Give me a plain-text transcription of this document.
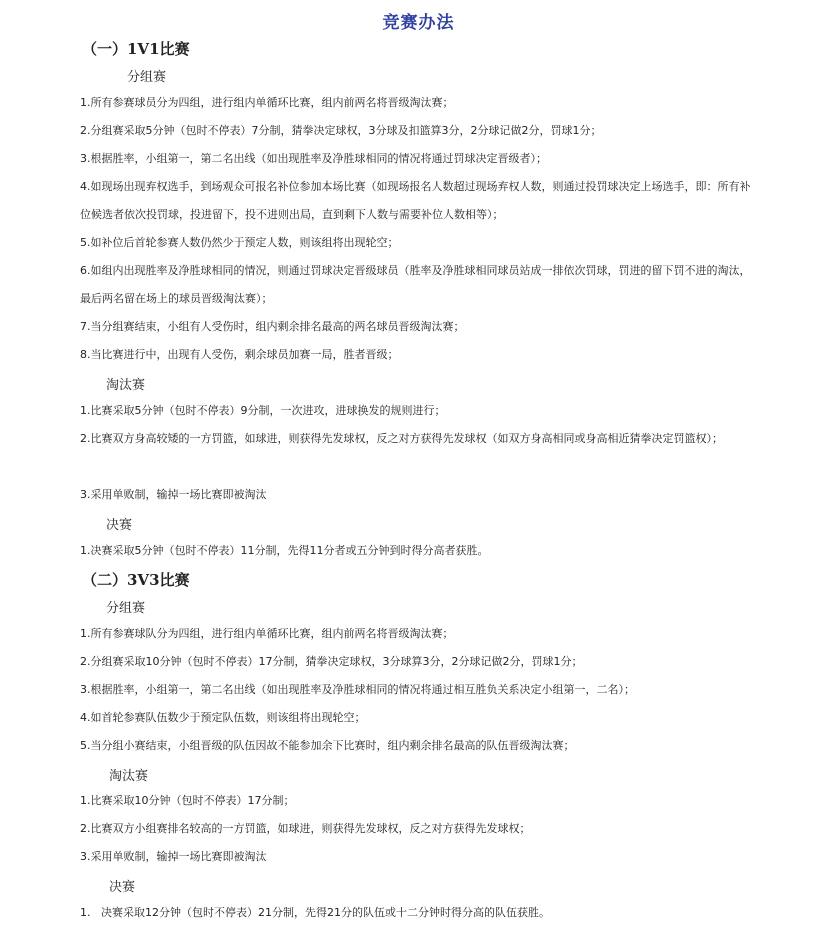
竞赛办法
（一）1V1比赛
分组赛
1.所有参赛球员分为四组，进行组内单循环比赛，组内前两名将晋级淘汰赛；
2.分组赛采取5分钟（包时不停表）7分制，猜拳决定球权，3分球及扣篮算3分，2分球记做2分，罚球1分；
3.根据胜率，小组第一，第二名出线（如出现胜率及净胜球相同的情况将通过罚球决定晋级者）；
4.如现场出现弃权选手，到场观众可报名补位参加本场比赛（如现场报名人数超过现场弃权人数，则通过投罚球决定上场选手，即：所有补位候选者依次投罚球，投进留下，投不进则出局，直到剩下人数与需要补位人数相等）；
5.如补位后首轮参赛人数仍然少于预定人数，则该组将出现轮空；
6.如组内出现胜率及净胜球相同的情况，则通过罚球决定晋级球员（胜率及净胜球相同球员站成一排依次罚球，罚进的留下罚不进的淘汰，最后两名留在场上的球员晋级淘汰赛）；
7.当分组赛结束，小组有人受伤时，组内剩余排名最高的两名球员晋级淘汰赛；
8.当比赛进行中，出现有人受伤，剩余球员加赛一局，胜者晋级；
淘汰赛
1.比赛采取5分钟（包时不停表）9分制，一次进攻，进球换发的规则进行；
2.比赛双方身高较矮的一方罚篮，如球进，则获得先发球权，反之对方获得先发球权（如双方身高相同或身高相近猜拳决定罚篮权）；
3.采用单败制，输掉一场比赛即被淘汰
决赛
1.决赛采取5分钟（包时不停表）11分制，先得11分者或五分钟到时得分高者获胜。
（二）3V3比赛
分组赛
1.所有参赛球队分为四组，进行组内单循环比赛，组内前两名将晋级淘汰赛；
2.分组赛采取10分钟（包时不停表）17分制，猜拳决定球权，3分球算3分，2分球记做2分，罚球1分；
3.根据胜率，小组第一，第二名出线（如出现胜率及净胜球相同的情况将通过相互胜负关系决定小组第一，二名）；
4.如首轮参赛队伍数少于预定队伍数，则该组将出现轮空；
5.当分组小赛结束，小组晋级的队伍因故不能参加余下比赛时，组内剩余排名最高的队伍晋级淘汰赛；
淘汰赛
1.比赛采取10分钟（包时不停表）17分制；
2.比赛双方小组赛排名较高的一方罚篮，如球进，则获得先发球权，反之对方获得先发球权；
3.采用单败制，输掉一场比赛即被淘汰
决赛
1.   决赛采取12分钟（包时不停表）21分制，先得21分的队伍或十二分钟时得分高的队伍获胜。
